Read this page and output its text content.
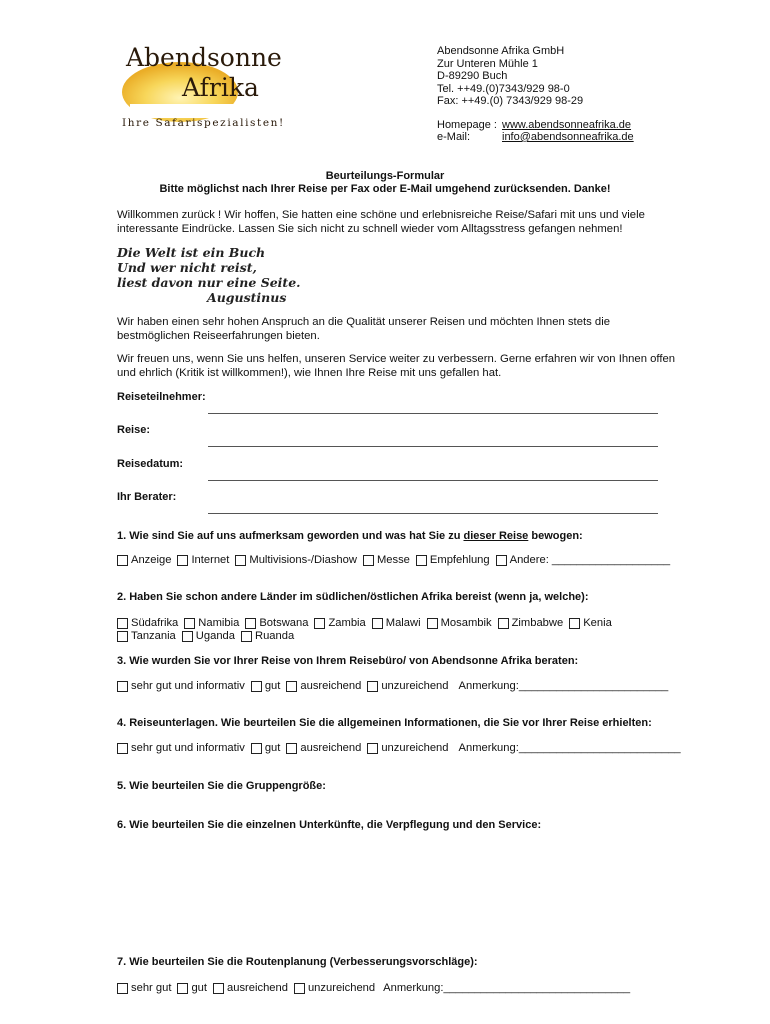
Abendsonne
Afrika
Ihre Safarispezialisten!
Abendsonne Afrika GmbH
Zur Unteren Mühle 1
D-89290 Buch
Tel. ++49.(0)7343/929 98-0
Fax: ++49.(0) 7343/929 98-29
Homepage : www.abendsonneafrika.de
e-Mail:	info@abendsonneafrika.de
Beurteilungs-Formular
Bitte möglichst nach Ihrer Reise per Fax oder E-Mail umgehend zurücksenden. Danke!
Willkommen zurück ! Wir hoffen, Sie hatten eine schöne und erlebnisreiche Reise/Safari mit uns und viele interessante Eindrücke. Lassen Sie sich nicht zu schnell wieder vom Alltagsstress gefangen nehmen!
Die Welt ist ein Buch
Und wer nicht reist,
liest davon nur eine Seite.
Augustinus
Wir haben einen sehr hohen Anspruch an die Qualität unserer Reisen und möchten Ihnen stets die bestmöglichen Reiseerfahrungen bieten.
Wir freuen uns, wenn Sie uns helfen, unseren Service weiter zu verbessern. Gerne erfahren wir von Ihnen offen und ehrlich (Kritik ist willkommen!), wie Ihnen Ihre Reise mit uns gefallen hat.
Reiseteilnehmer:
Reise:
Reisedatum:
Ihr Berater:
1. Wie sind Sie auf uns aufmerksam geworden und was hat Sie zu dieser Reise bewogen:
Anzeige Internet Multivisions-/Diashow Messe Empfehlung Andere: ___________________
2. Haben Sie schon andere Länder im südlichen/östlichen Afrika bereist (wenn ja, welche):
Südafrika Namibia Botswana Zambia Malawi Mosambik Zimbabwe Kenia
Tanzania Uganda Ruanda
3. Wie wurden Sie vor Ihrer Reise von Ihrem Reisebüro/ von Abendsonne Afrika beraten:
sehr gut und informativ gut ausreichend unzureichend Anmerkung:________________________
4. Reiseunterlagen. Wie beurteilen Sie die allgemeinen Informationen, die Sie vor Ihrer Reise erhielten:
sehr gut und informativ gut ausreichend unzureichend Anmerkung:__________________________
5. Wie beurteilen Sie die Gruppengröße:
6. Wie beurteilen Sie die einzelnen Unterkünfte, die Verpflegung und den Service:
7. Wie beurteilen Sie die Routenplanung (Verbesserungsvorschläge):
sehr gut gut ausreichend unzureichend Anmerkung:______________________________
